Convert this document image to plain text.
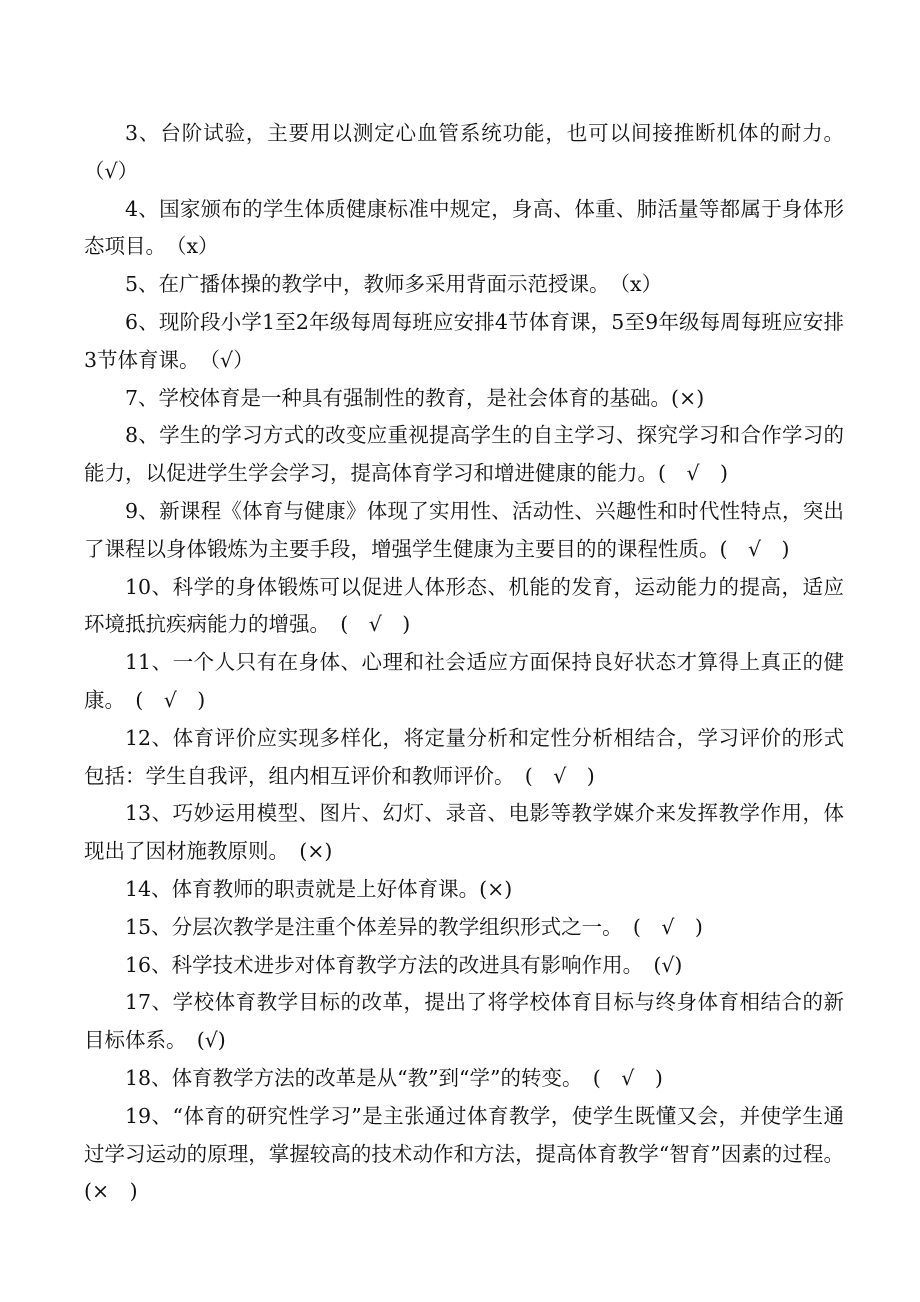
3、台阶试验，主要用以测定心血管系统功能，也可以间接推断机体的耐力。（√）

4、国家颁布的学生体质健康标准中规定，身高、体重、肺活量等都属于身体形态项目。　（x）

5、在广播体操的教学中，教师多采用背面示范授课。　（x）

6、现阶段小学1至2年级每周每班应安排4节体育课，5至9年级每周每班应安排3节体育课。　（√）

7、学校体育是一种具有强制性的教育，是社会体育的基础。(×)

8、学生的学习方式的改变应重视提高学生的自主学习、探究学习和合作学习的能力，以促进学生学会学习，提高体育学习和增进健康的能力。(　√　)

9、新课程《体育与健康》体现了实用性、活动性、兴趣性和时代性特点，突出了课程以身体锻炼为主要手段，增强学生健康为主要目的的课程性质。(　√　)

10、科学的身体锻炼可以促进人体形态、机能的发育，运动能力的提高，适应环境抵抗疾病能力的增强。　(　√　)

11、一个人只有在身体、心理和社会适应方面保持良好状态才算得上真正的健康。　(　√　)

12、体育评价应实现多样化，将定量分析和定性分析相结合，学习评价的形式包括：学生自我评，组内相互评价和教师评价。　(　√　)

13、巧妙运用模型、图片、幻灯、录音、电影等教学媒介来发挥教学作用，体现出了因材施教原则。　(×)

14、体育教师的职责就是上好体育课。(×)

15、分层次教学是注重个体差异的教学组织形式之一。　(　√　)

16、科学技术进步对体育教学方法的改进具有影响作用。　(√)

17、学校体育教学目标的改革，提出了将学校体育目标与终身体育相结合的新目标体系。　(√)

18、体育教学方法的改革是从“教”到“学”的转变。　(　√　)

19、“体育的研究性学习”是主张通过体育教学，使学生既懂又会，并使学生通过学习运动的原理，掌握较高的技术动作和方法，提高体育教学“智育”因素的过程。(×　)
